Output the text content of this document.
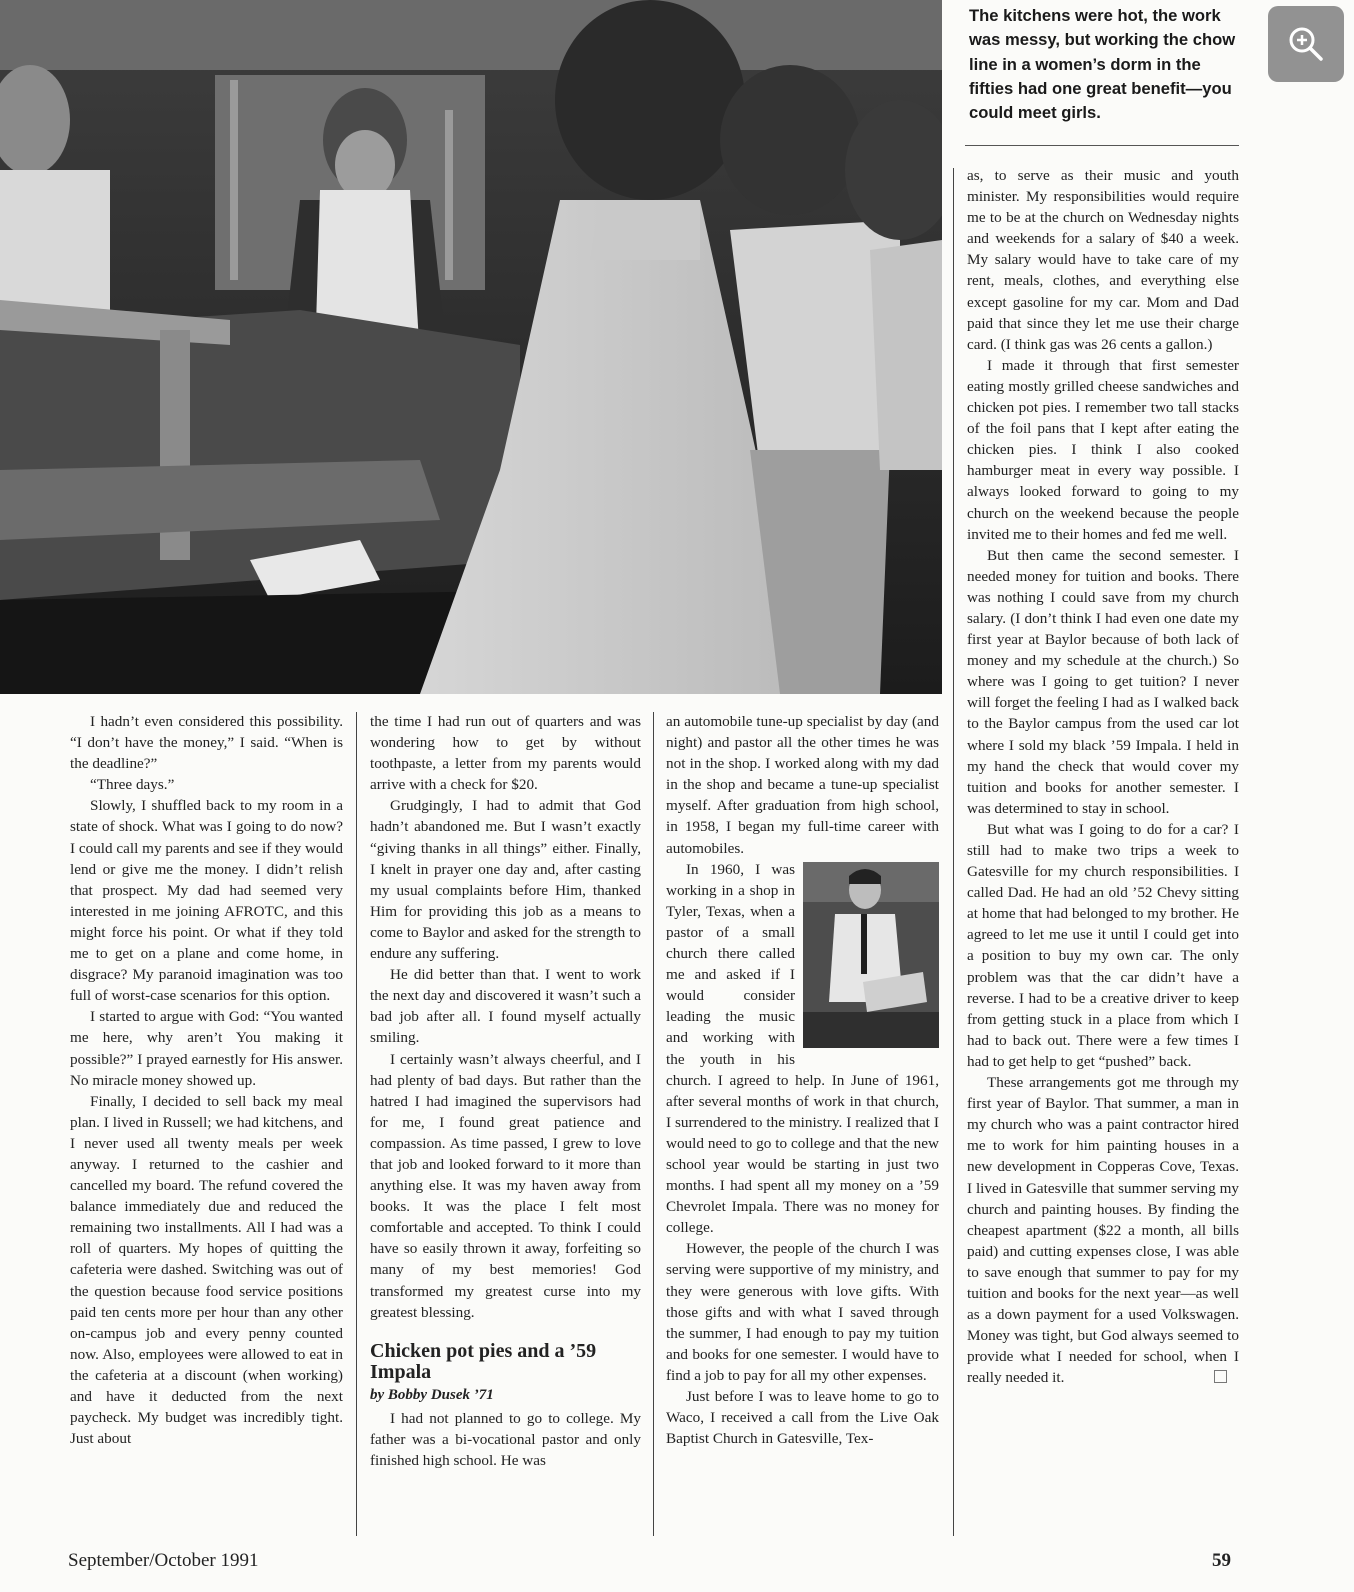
The kitchens were hot, the work was messy, but working the chow line in a women’s dorm in the fifties had one great benefit—you could meet girls.

I hadn’t even considered this possibility. “I don’t have the money,” I said. “When is the deadline?”

“Three days.”

Slowly, I shuffled back to my room in a state of shock. What was I going to do now? I could call my parents and see if they would lend or give me the money. I didn’t relish that prospect. My dad had seemed very interested in me joining AFROTC, and this might force his point. Or what if they told me to get on a plane and come home, in disgrace? My paranoid imagination was too full of worst-case scenarios for this option.

I started to argue with God: “You wanted me here, why aren’t You making it possible?” I prayed earnestly for His answer. No miracle money showed up.

Finally, I decided to sell back my meal plan. I lived in Russell; we had kitchens, and I never used all twenty meals per week anyway. I returned to the cashier and cancelled my board. The refund covered the balance immediately due and reduced the remaining two installments. All I had was a roll of quarters. My hopes of quitting the cafeteria were dashed. Switching was out of the question because food service positions paid ten cents more per hour than any other on-campus job and every penny counted now. Also, employees were allowed to eat in the cafeteria at a discount (when working) and have it deducted from the next paycheck. My budget was incredibly tight. Just about

the time I had run out of quarters and was wondering how to get by without toothpaste, a letter from my parents would arrive with a check for $20.

Grudgingly, I had to admit that God hadn’t abandoned me. But I wasn’t exactly “giving thanks in all things” either. Finally, I knelt in prayer one day and, after casting my usual complaints before Him, thanked Him for providing this job as a means to come to Baylor and asked for the strength to endure any suffering.

He did better than that. I went to work the next day and discovered it wasn’t such a bad job after all. I found myself actually smiling.

I certainly wasn’t always cheerful, and I had plenty of bad days. But rather than the hatred I had imagined the supervisors had for me, I found great patience and compassion. As time passed, I grew to love that job and looked forward to it more than anything else. It was my haven away from books. It was the place I felt most comfortable and accepted. To think I could have so easily thrown it away, forfeiting so many of my best memories! God transformed my greatest curse into my greatest blessing.

Chicken pot pies and a ’59 Impala
by Bobby Dusek ’71

I had not planned to go to college. My father was a bi-vocational pastor and only finished high school. He was

an automobile tune-up specialist by day (and night) and pastor all the other times he was not in the shop. I worked along with my dad in the shop and became a tune-up specialist myself. After graduation from high school, in 1958, I began my full-time career with automobiles.

In 1960, I was working in a shop in Tyler, Texas, when a pastor of a small church there called me and asked if I would consider leading the music and working with the youth in his church. I agreed to help. In June of 1961, after several months of work in that church, I surrendered to the ministry. I realized that I would need to go to college and that the new school year would be starting in just two months. I had spent all my money on a ’59 Chevrolet Impala. There was no money for college.

However, the people of the church I was serving were supportive of my ministry, and they were generous with love gifts. With those gifts and with what I saved through the summer, I had enough to pay my tuition and books for one semester. I would have to find a job to pay for all my other expenses.

Just before I was to leave home to go to Waco, I received a call from the Live Oak Baptist Church in Gatesville, Tex-

as, to serve as their music and youth minister. My responsibilities would require me to be at the church on Wednesday nights and weekends for a salary of $40 a week. My salary would have to take care of my rent, meals, clothes, and everything else except gasoline for my car. Mom and Dad paid that since they let me use their charge card. (I think gas was 26 cents a gallon.)

I made it through that first semester eating mostly grilled cheese sandwiches and chicken pot pies. I remember two tall stacks of the foil pans that I kept after eating the chicken pies. I think I also cooked hamburger meat in every way possible. I always looked forward to going to my church on the weekend because the people invited me to their homes and fed me well.

But then came the second semester. I needed money for tuition and books. There was nothing I could save from my church salary. (I don’t think I had even one date my first year at Baylor because of both lack of money and my schedule at the church.) So where was I going to get tuition? I never will forget the feeling I had as I walked back to the Baylor campus from the used car lot where I sold my black ’59 Impala. I held in my hand the check that would cover my tuition and books for another semester. I was determined to stay in school.

But what was I going to do for a car? I still had to make two trips a week to Gatesville for my church responsibilities. I called Dad. He had an old ’52 Chevy sitting at home that had belonged to my brother. He agreed to let me use it until I could get into a position to buy my own car. The only problem was that the car didn’t have a reverse. I had to be a creative driver to keep from getting stuck in a place from which I had to back out. There were a few times I had to get help to get “pushed” back.

These arrangements got me through my first year of Baylor. That summer, a man in my church who was a paint contractor hired me to work for him painting houses in a new development in Copperas Cove, Texas. I lived in Gatesville that summer serving my church and painting houses. By finding the cheapest apartment ($22 a month, all bills paid) and cutting expenses close, I was able to save enough that summer to pay for my tuition and books for the next year—as well as a down payment for a used Volkswagen. Money was tight, but God always seemed to provide what I needed for school, when I really needed it.

September/October 1991	59
